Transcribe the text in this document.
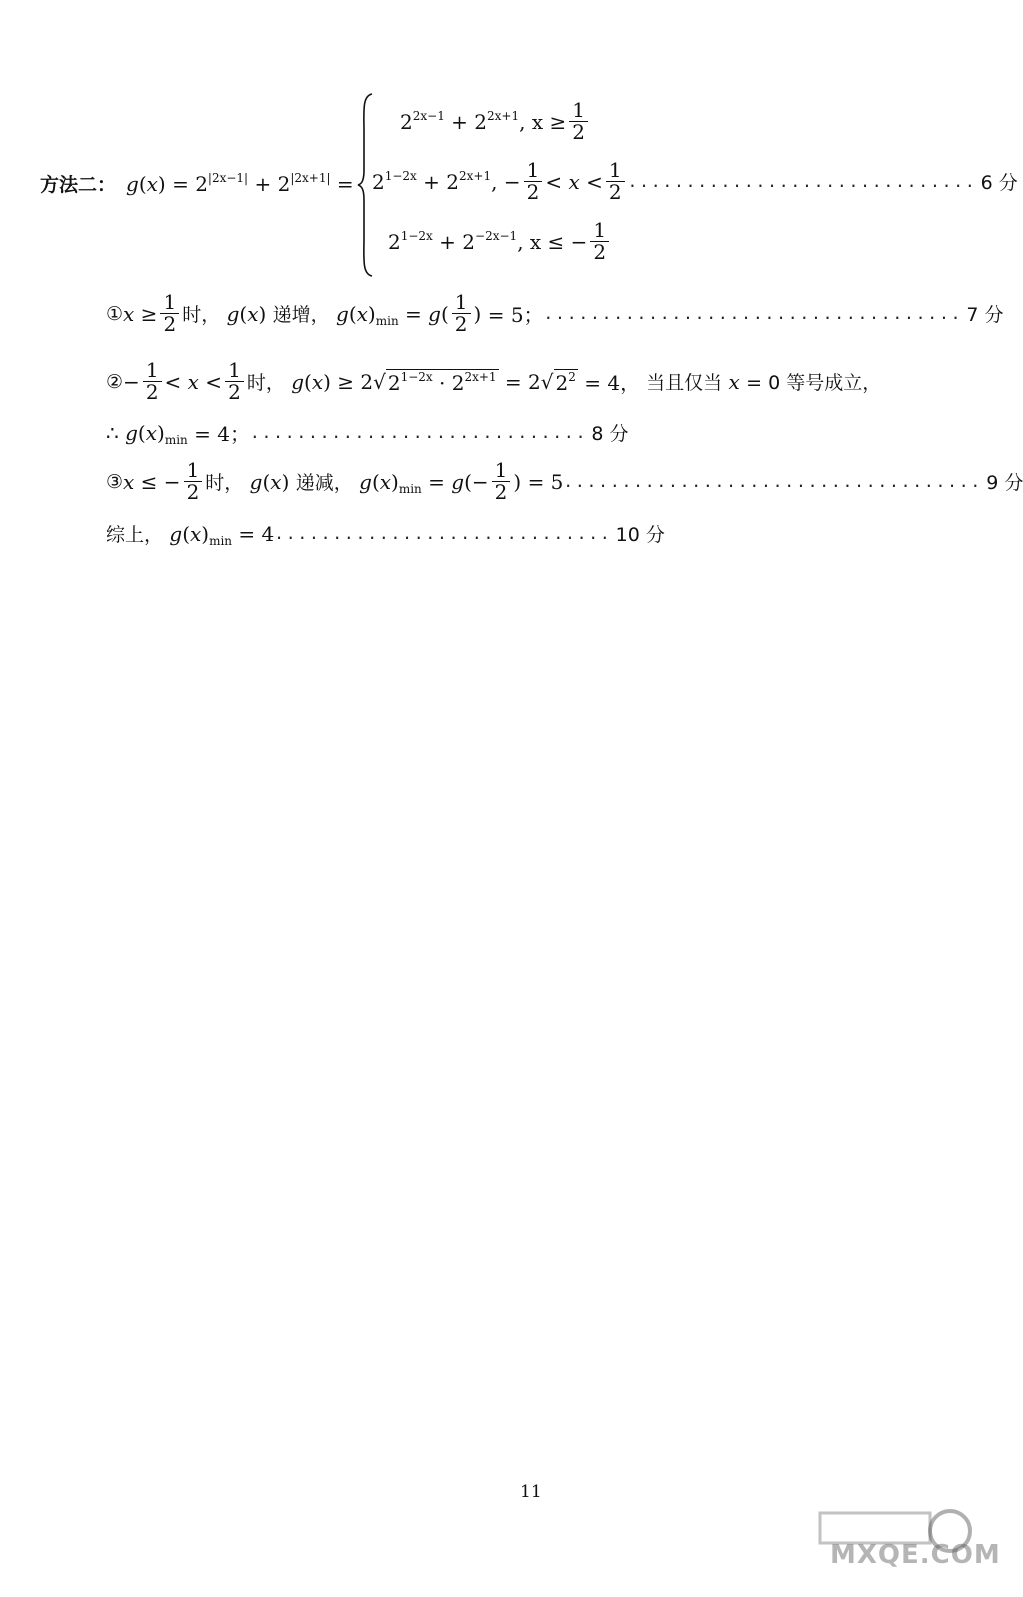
方法二： $g(x) = 2^{|2x-1|} + 2^{|2x+1|}$ =
$2^{2x-1} + 2^{2x+1}$ , $x \ge \frac{1}{2}$
$2^{1-2x} + 2^{2x+1}$ , − $\frac{1}{2} < x < \frac{1}{2}$ .............................. 6 分
$2^{1-2x} + 2^{-2x-1}$ , x ≤ − $\frac{1}{2}$
① $x \ge \frac{1}{2}$ 时， g(x) 递增， $g(x)_{min} = g( \frac{1}{2}$ ) = 5； .................................... 7 分
② − $\frac{1}{2} < x < \frac{1}{2}$ 时， g(x) ≥ 2 √ $2^{1-2x} \cdot 2^{2x+1}$
= 2 √ $2^2$
= 4， 当且仅当 x = 0 等号成立，
∴ $g(x)_{min} = 4$； ............................. 8 分
③ x ≤ − $\frac{1}{2}$ 时， g(x) 递减， $g(x)_{min} = g(- \frac{1}{2}$ ) = 5 .................................... 9 分
综上， $g(x)_{min} = 4$ ............................. 10 分
11
MXQE.COM
